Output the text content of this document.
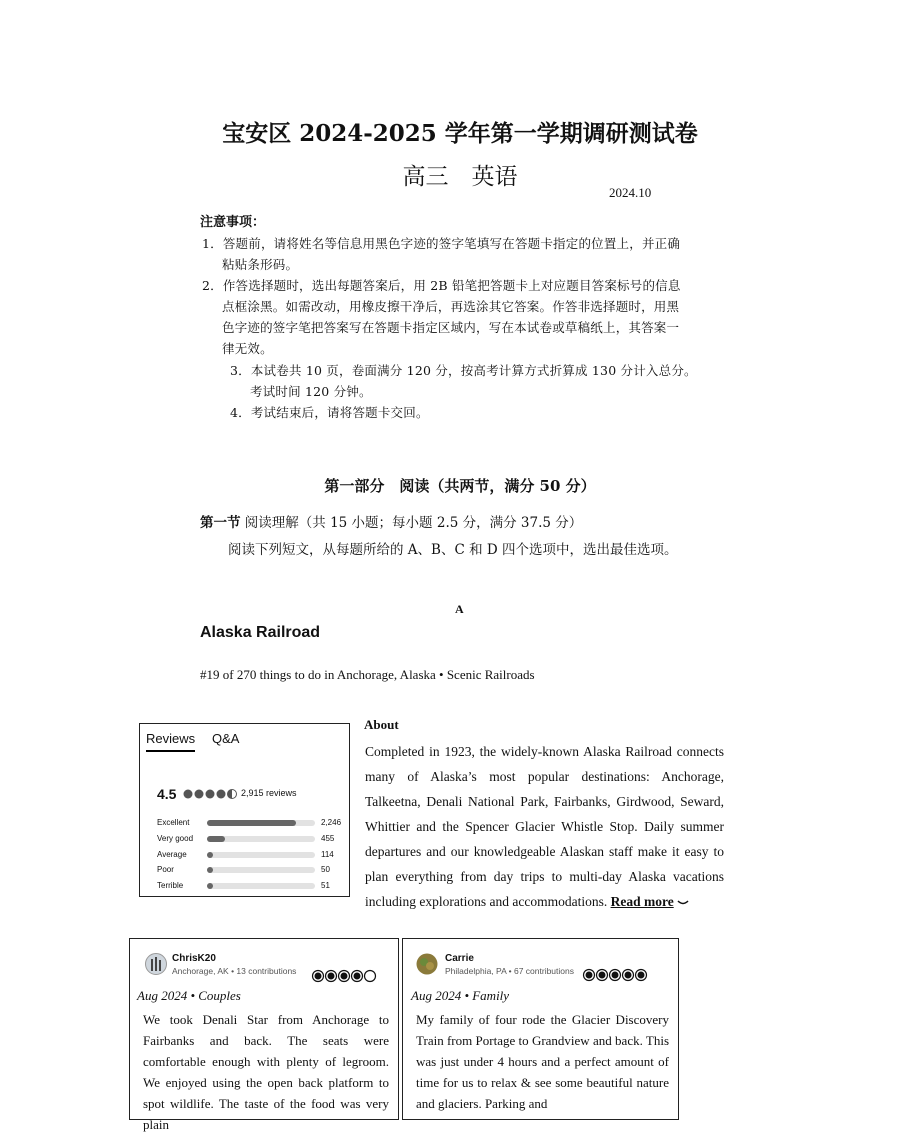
宝安区 2024-2025 学年第一学期调研测试卷
高三　英语
2024.10
注意事项：
1．答题前，请将姓名等信息用黑色字迹的签字笔填写在答题卡指定的位置上，并正确
粘贴条形码。
2．作答选择题时，选出每题答案后，用 2B 铅笔把答题卡上对应题目答案标号的信息
点框涂黑。如需改动，用橡皮擦干净后，再选涂其它答案。作答非选择题时，用黑
色字迹的签字笔把答案写在答题卡指定区域内，写在本试卷或草稿纸上，其答案一
律无效。
3．本试卷共 10 页，卷面满分 120 分，按高考计算方式折算成 130 分计入总分。
考试时间 120 分钟。
4．考试结束后，请将答题卡交回。
第一部分　阅读（共两节，满分 50 分）
第一节 阅读理解（共 15 小题；每小题 2.5 分，满分 37.5 分）
阅读下列短文，从每题所给的 A、B、C 和 D 四个选项中，选出最佳选项。
A
Alaska Railroad
#19 of 270 things to do in Anchorage, Alaska • Scenic Railroads
Reviews Q&A
4.5	2,915 reviews
Excellent	2,246
Very good	455
Average	114
Poor	50
Terrible	51
About
Completed in 1923, the widely-known Alaska Railroad connects many of Alaska’s most popular destinations: Anchorage, Talkeetna, Denali National Park, Fairbanks, Girdwood, Seward, Whittier and the Spencer Glacier Whistle Stop. Daily summer departures and our knowledgeable Alaskan staff make it easy to plan everything from day trips to multi-day Alaska vacations including explorations and accommodations. Read more
ChrisK20
Anchorage, AK • 13 contributions
Aug 2024 • Couples
We took Denali Star from Anchorage to Fairbanks and back. The seats were comfortable enough with plenty of legroom. We enjoyed using the open back platform to spot wildlife. The taste of the food was very plain
Carrie
Philadelphia, PA • 67 contributions
Aug 2024 • Family
My family of four rode the Glacier Discovery Train from Portage to Grandview and back. This was just under 4 hours and a perfect amount of time for us to relax & see some beautiful nature and glaciers. Parking and
